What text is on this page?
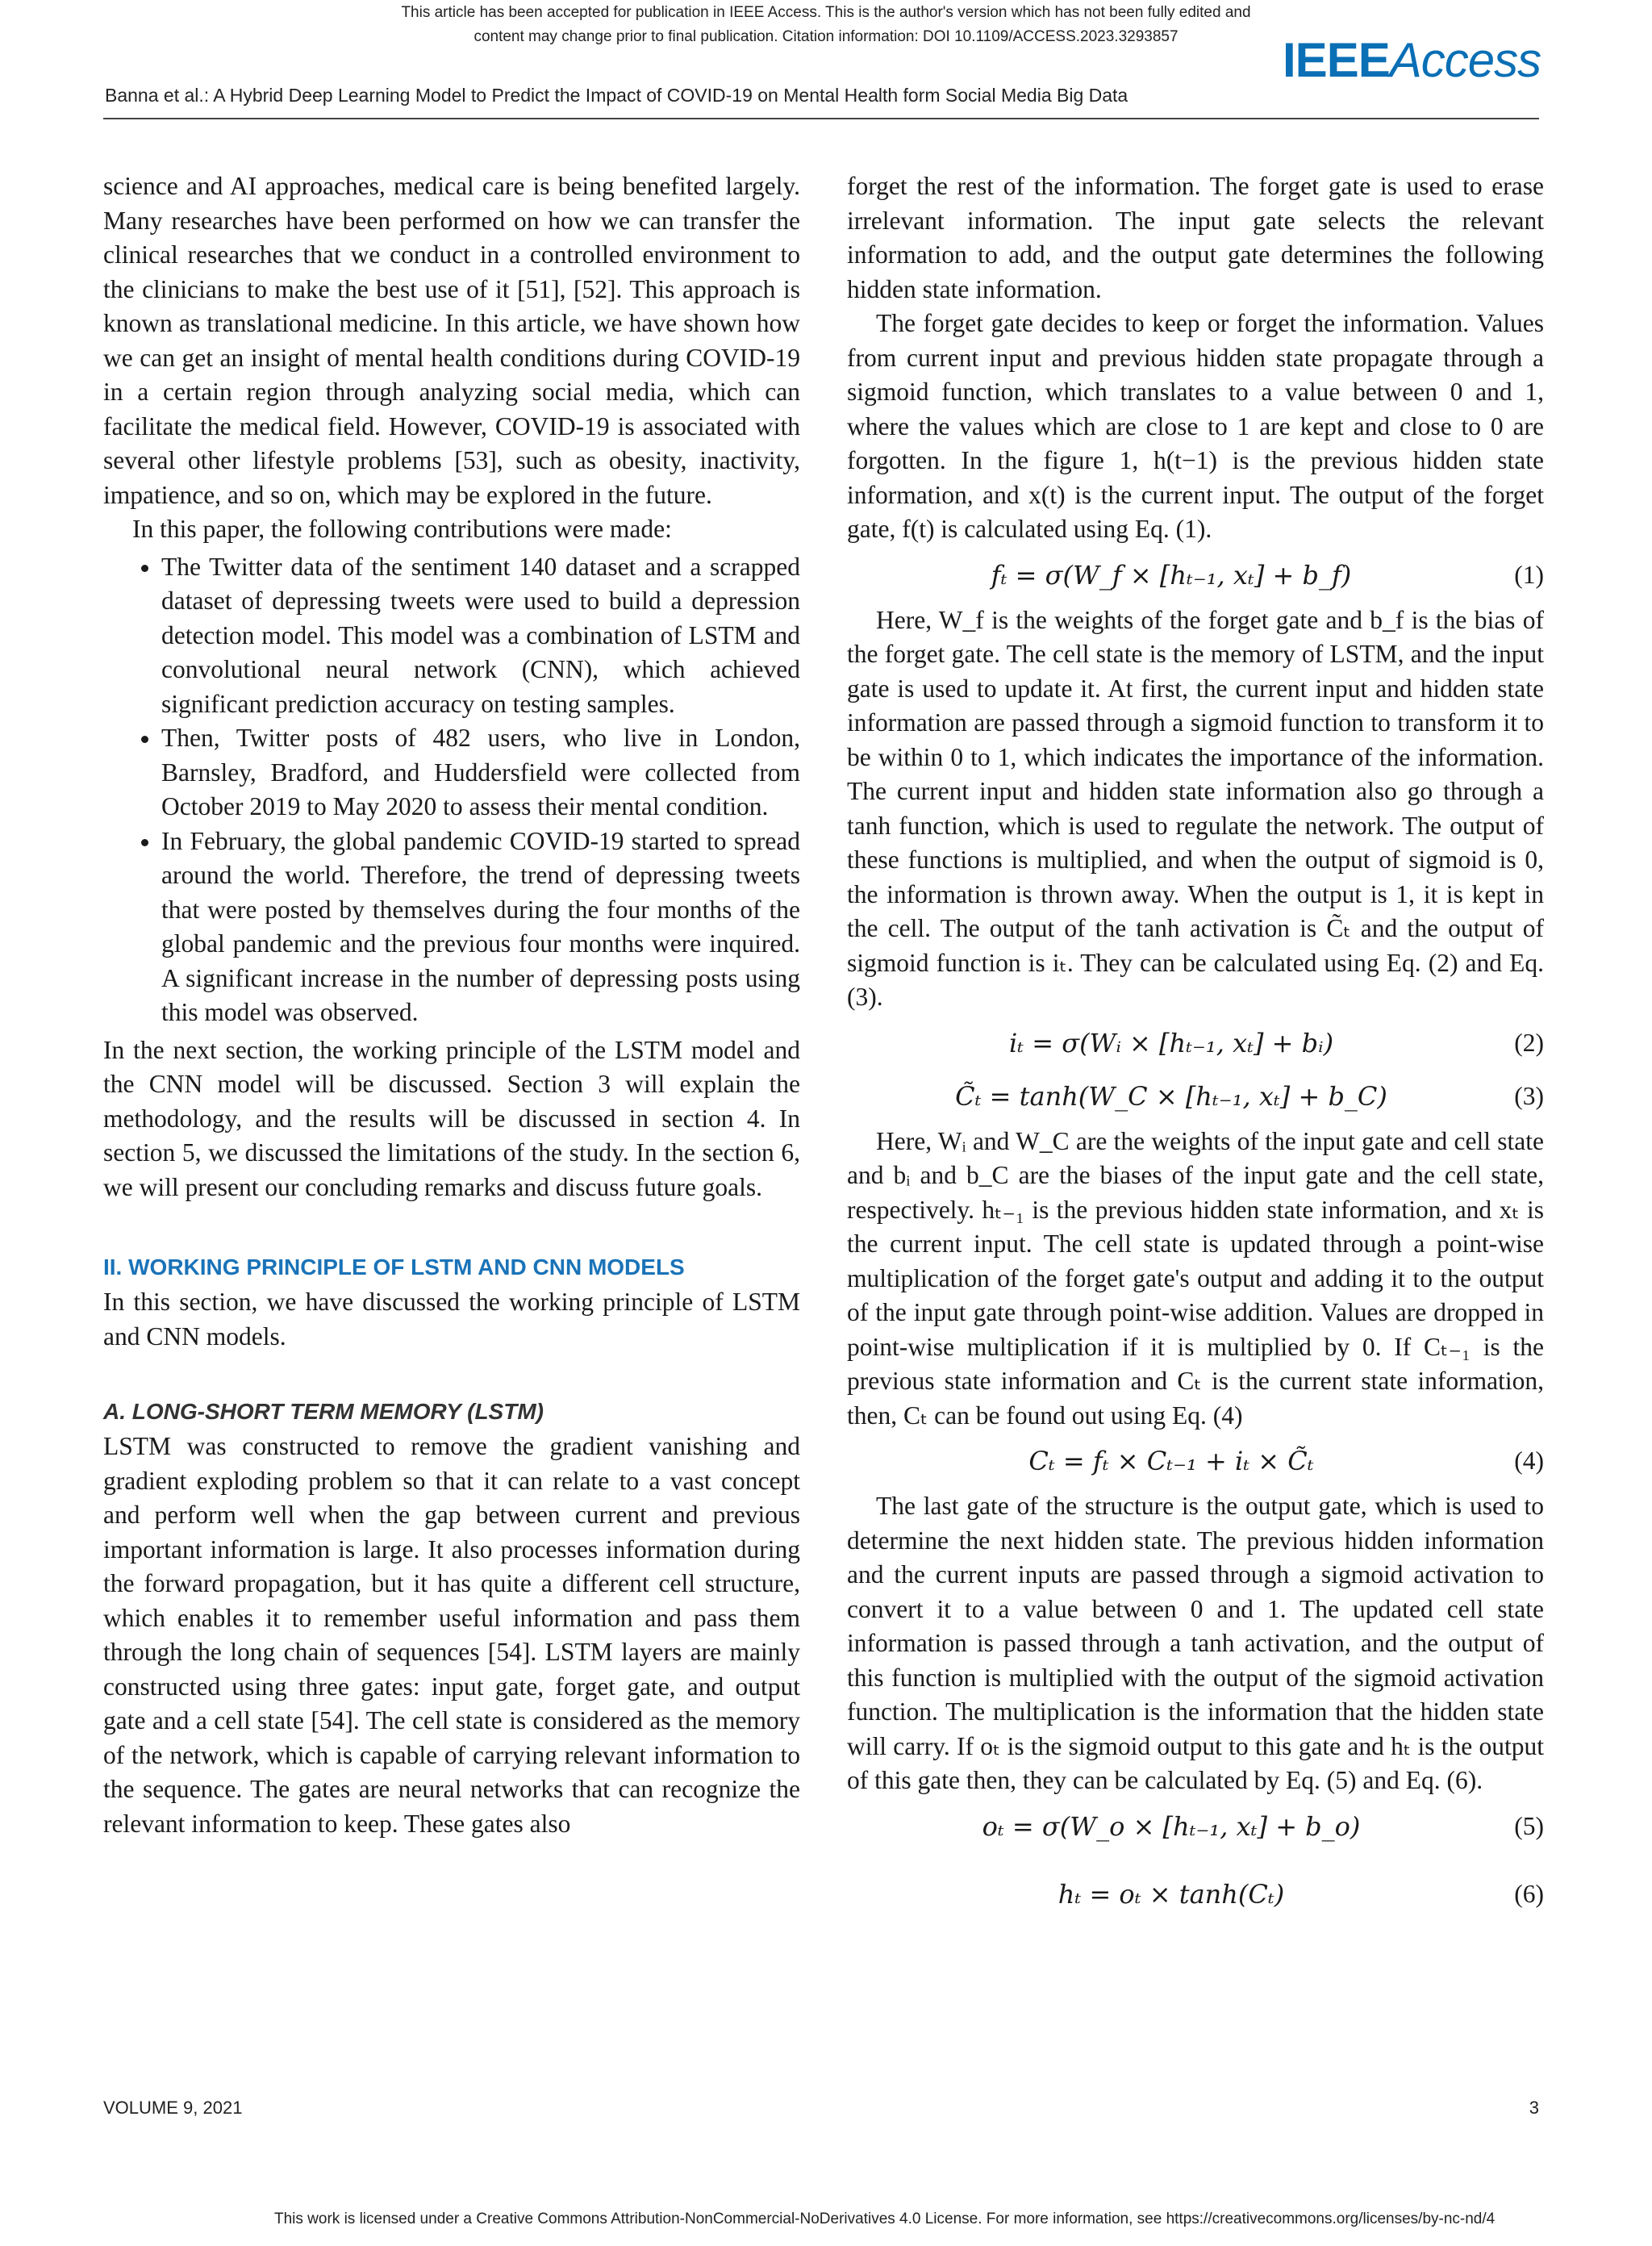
This article has been accepted for publication in IEEE Access. This is the author's version which has not been fully edited and
content may change prior to final publication. Citation information: DOI 10.1109/ACCESS.2023.3293857	IEEEAccess
Banna et al.: A Hybrid Deep Learning Model to Predict the Impact of COVID-19 on Mental Health form Social Media Big Data

science and AI approaches, medical care is being benefited largely. Many researches have been performed on how we can transfer the clinical researches that we conduct in a controlled environment to the clinicians to make the best use of it [51], [52]. This approach is known as translational medicine. In this article, we have shown how we can get an insight of mental health conditions during COVID-19 in a certain region through analyzing social media, which can facilitate the medical field. However, COVID-19 is associated with several other lifestyle problems [53], such as obesity, inactivity, impatience, and so on, which may be explored in the future.

In this paper, the following contributions were made:

• The Twitter data of the sentiment 140 dataset and a scrapped dataset of depressing tweets were used to build a depression detection model. This model was a combination of LSTM and convolutional neural network (CNN), which achieved significant prediction accuracy on testing samples.
• Then, Twitter posts of 482 users, who live in London, Barnsley, Bradford, and Huddersfield were collected from October 2019 to May 2020 to assess their mental condition.
• In February, the global pandemic COVID-19 started to spread around the world. Therefore, the trend of depressing tweets that were posted by themselves during the four months of the global pandemic and the previous four months were inquired. A significant increase in the number of depressing posts using this model was observed.

In the next section, the working principle of the LSTM model and the CNN model will be discussed. Section 3 will explain the methodology, and the results will be discussed in section 4. In section 5, we discussed the limitations of the study. In the section 6, we will present our concluding remarks and discuss future goals.

II. WORKING PRINCIPLE OF LSTM AND CNN MODELS

In this section, we have discussed the working principle of LSTM and CNN models.

A. LONG-SHORT TERM MEMORY (LSTM)

LSTM was constructed to remove the gradient vanishing and gradient exploding problem so that it can relate to a vast concept and perform well when the gap between current and previous important information is large. It also processes information during the forward propagation, but it has quite a different cell structure, which enables it to remember useful information and pass them through the long chain of sequences [54]. LSTM layers are mainly constructed using three gates: input gate, forget gate, and output gate and a cell state [54]. The cell state is considered as the memory of the network, which is capable of carrying relevant information to the sequence. The gates are neural networks that can recognize the relevant information to keep. These gates also

forget the rest of the information. The forget gate is used to erase irrelevant information. The input gate selects the relevant information to add, and the output gate determines the following hidden state information.

The forget gate decides to keep or forget the information. Values from current input and previous hidden state propagate through a sigmoid function, which translates to a value between 0 and 1, where the values which are close to 1 are kept and close to 0 are forgotten. In the figure 1, h(t−1) is the previous hidden state information, and x(t) is the current input. The output of the forget gate, f(t) is calculated using Eq. (1).

fₜ = σ(W_f × [hₜ₋₁, xₜ] + b_f)	(1)

Here, W_f is the weights of the forget gate and b_f is the bias of the forget gate. The cell state is the memory of LSTM, and the input gate is used to update it. At first, the current input and hidden state information are passed through a sigmoid function to transform it to be within 0 to 1, which indicates the importance of the information. The current input and hidden state information also go through a tanh function, which is used to regulate the network. The output of these functions is multiplied, and when the output of sigmoid is 0, the information is thrown away. When the output is 1, it is kept in the cell. The output of the tanh activation is C̃ₜ and the output of sigmoid function is iₜ. They can be calculated using Eq. (2) and Eq. (3).

iₜ = σ(Wᵢ × [hₜ₋₁, xₜ] + bᵢ)	(2)
C̃ₜ = tanh(W_C × [hₜ₋₁, xₜ] + b_C)	(3)

Here, Wᵢ and W_C are the weights of the input gate and cell state and bᵢ and b_C are the biases of the input gate and the cell state, respectively. hₜ₋₁ is the previous hidden state information, and xₜ is the current input. The cell state is updated through a point-wise multiplication of the forget gate's output and adding it to the output of the input gate through point-wise addition. Values are dropped in point-wise multiplication if it is multiplied by 0. If Cₜ₋₁ is the previous state information and Cₜ is the current state information, then, Cₜ can be found out using Eq. (4)

Cₜ = fₜ × Cₜ₋₁ + iₜ × C̃ₜ	(4)

The last gate of the structure is the output gate, which is used to determine the next hidden state. The previous hidden information and the current inputs are passed through a sigmoid activation to convert it to a value between 0 and 1. The updated cell state information is passed through a tanh activation, and the output of this function is multiplied with the output of the sigmoid activation function. The multiplication is the information that the hidden state will carry. If oₜ is the sigmoid output to this gate and hₜ is the output of this gate then, they can be calculated by Eq. (5) and Eq. (6).

oₜ = σ(W_o × [hₜ₋₁, xₜ] + b_o)	(5)
hₜ = oₜ × tanh(Cₜ)	(6)
VOLUME 9, 2021	3
This work is licensed under a Creative Commons Attribution-NonCommercial-NoDerivatives 4.0 License. For more information, see https://creativecommons.org/licenses/by-nc-nd/4
